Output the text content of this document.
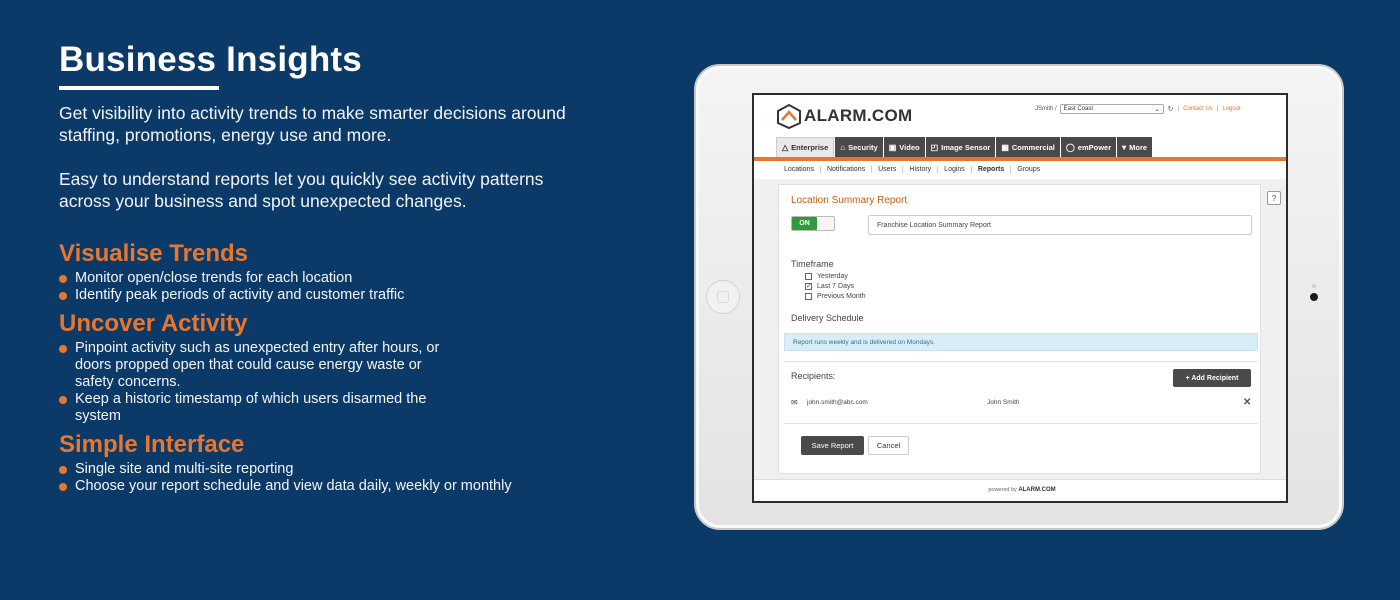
Business Insights

Get visibility into activity trends to make smarter decisions around staffing, promotions, energy use and more.

Easy to understand reports let you quickly see activity patterns across your business and spot unexpected changes.

Visualise Trends
Monitor open/close trends for each location
Identify peak periods of activity and customer traffic
Uncover Activity
Pinpoint activity such as unexpected entry after hours, or doors propped open that could cause energy waste or safety concerns.
Keep a historic timestamp of which users disarmed the system
Simple Interface
Single site and multi-site reporting
Choose your report schedule and view data daily, weekly or monthly
ALARM.COM	JSmith / East Coast	⌄ ↻ | Contact Us | Logout
△ Enterprise ⌂ Security ▣ Video ◰ Image Sensor ▦ Commercial ◯ emPower ▾ More
Locations	Notifications	Users	History	Logins	Reports	Groups
?
Location Summary Report
ON	Franchise Location Summary Report
Timeframe
Yesterday
✓ Last 7 Days
Previous Month
Delivery Schedule
Report runs weekly and is delivered on Mondays.
Recipients:	+ Add Recipient
✉ john.smith@abc.com	John Smith	✕
Save Report	Cancel
powered by ALARM.COM
